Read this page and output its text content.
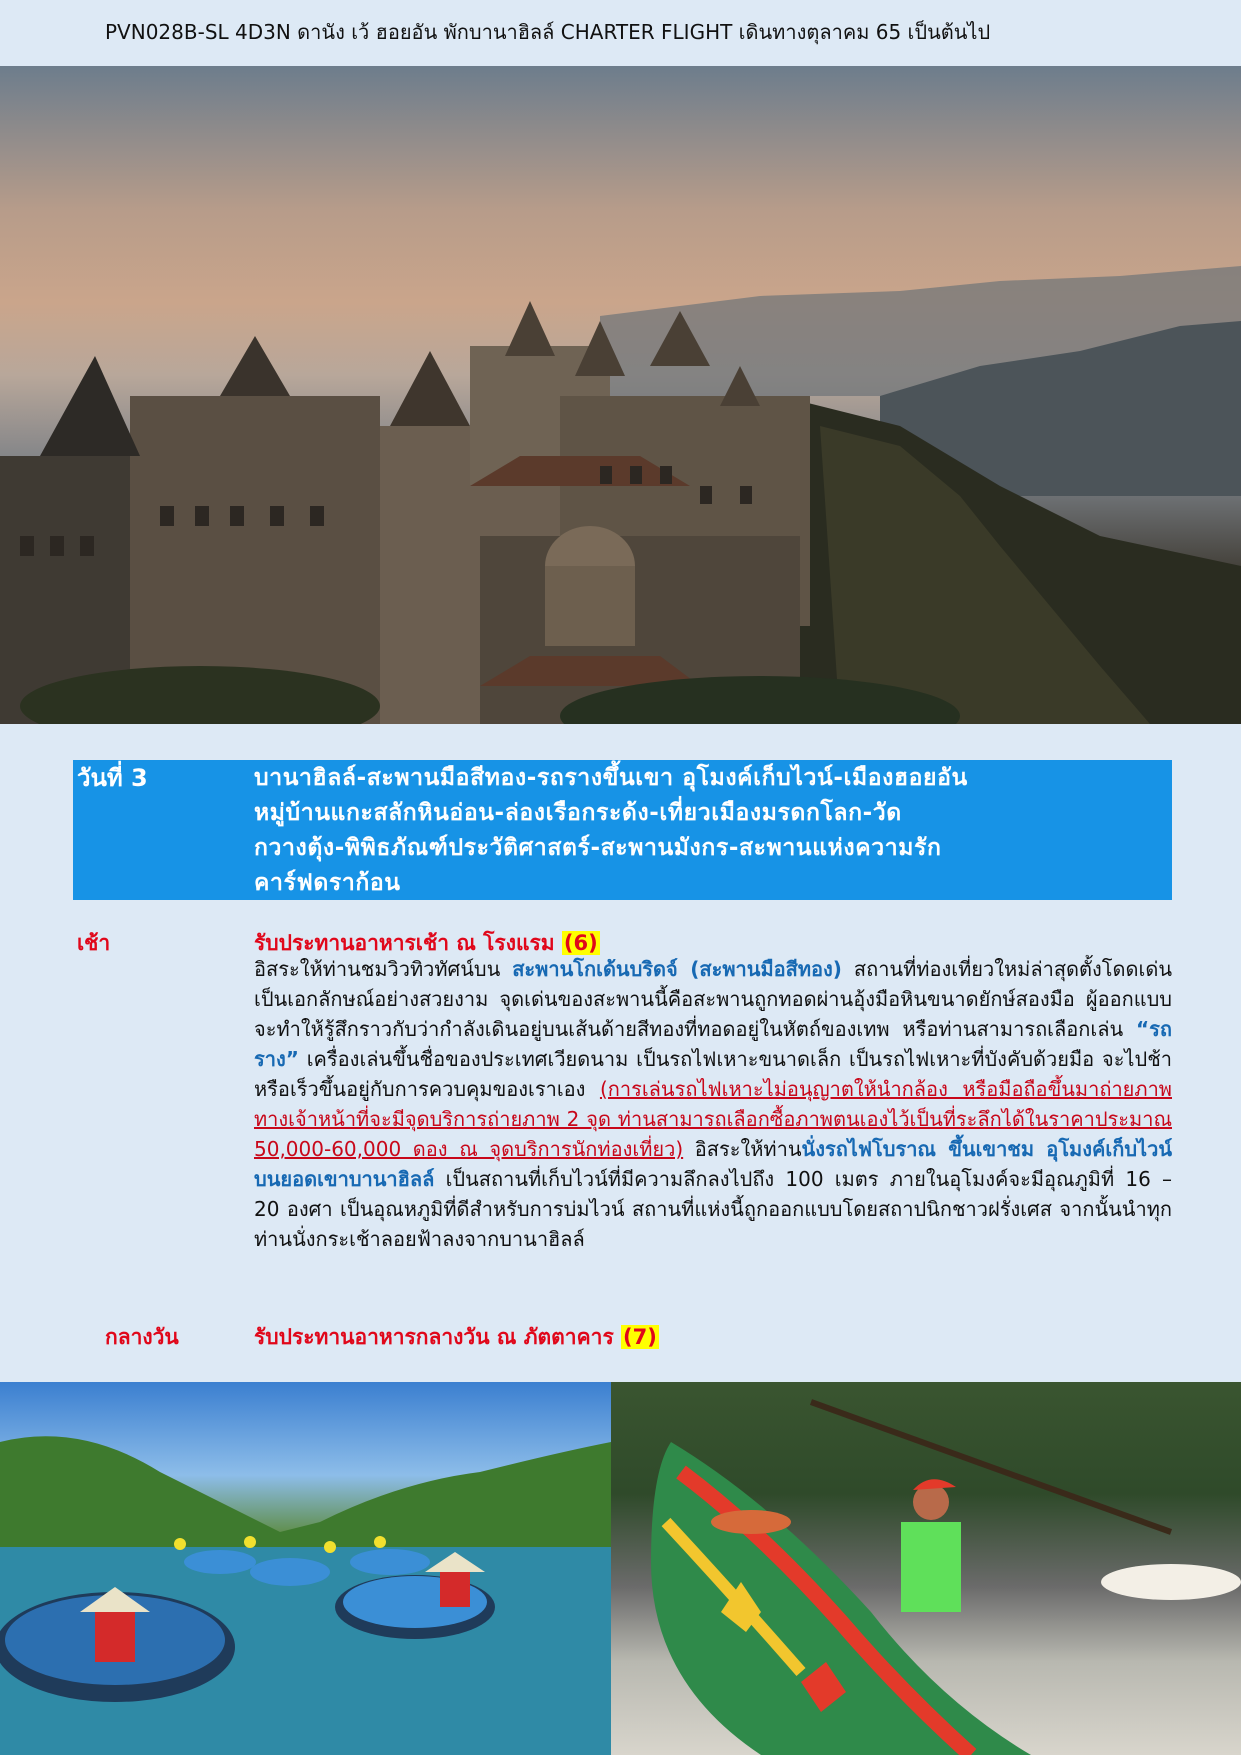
PVN028B-SL 4D3N ดานัง เว้ ฮอยอัน พักบานาฮิลล์ CHARTER FLIGHT เดินทางตุลาคม 65 เป็นต้นไป
วันที่ 3	บานาฮิลล์-สะพานมือสีทอง-รถรางขึ้นเขา อุโมงค์เก็บไวน์-เมืองฮอยอัน
หมู่บ้านแกะสลักหินอ่อน-ล่องเรือกระด้ง-เที่ยวเมืองมรดกโลก-วัด
กวางตุ้ง-พิพิธภัณฑ์ประวัติศาสตร์-สะพานมังกร-สะพานแห่งความรัก
คาร์ฟดราก้อน
เช้า	รับประทานอาหารเช้า ณ โรงแรม (6)
อิสระให้ท่านชมวิวทิวทัศน์บน สะพานโกเด้นบริดจ์ (สะพานมือสีทอง) สถานที่ท่องเที่ยวใหม่ล่าสุดตั้งโดดเด่นเป็นเอกลักษณ์อย่างสวยงาม จุดเด่นของสะพานนี้คือสะพานถูกทอดผ่านอุ้งมือหินขนาดยักษ์สองมือ ผู้ออกแบบจะทำให้รู้สึกราวกับว่ากำลังเดินอยู่บนเส้นด้ายสีทองที่ทอดอยู่ในหัตถ์ของเทพ หรือท่านสามารถเลือกเล่น “รถราง” เครื่องเล่นขึ้นชื่อของประเทศเวียดนาม เป็นรถไฟเหาะขนาดเล็ก เป็นรถไฟเหาะที่บังคับด้วยมือ จะไปช้าหรือเร็วขึ้นอยู่กับการควบคุมของเราเอง (การเล่นรถไฟเหาะไม่อนุญาตให้นำกล้อง หรือมือถือขึ้นมาถ่ายภาพ ทางเจ้าหน้าที่จะมีจุดบริการถ่ายภาพ 2 จุด ท่านสามารถเลือกซื้อภาพตนเองไว้เป็นที่ระลึกได้ในราคาประมาณ 50,000-60,000 ดอง ณ จุดบริการนักท่องเที่ยว) อิสระให้ท่านนั่งรถไฟโบราณ ขึ้นเขาชม อุโมงค์เก็บไวน์ บนยอดเขาบานาฮิลล์ เป็นสถานที่เก็บไวน์ที่มีความลึกลงไปถึง 100 เมตร ภายในอุโมงค์จะมีอุณภูมิที่ 16 – 20 องศา เป็นอุณหภูมิที่ดีสำหรับการบ่มไวน์ สถานที่แห่งนี้ถูกออกแบบโดยสถาปนิกชาวฝรั่งเศส จากนั้นนำทุกท่านนั่งกระเช้าลอยฟ้าลงจากบานาฮิลล์
กลางวัน	รับประทานอาหารกลางวัน ณ ภัตตาคาร (7)
